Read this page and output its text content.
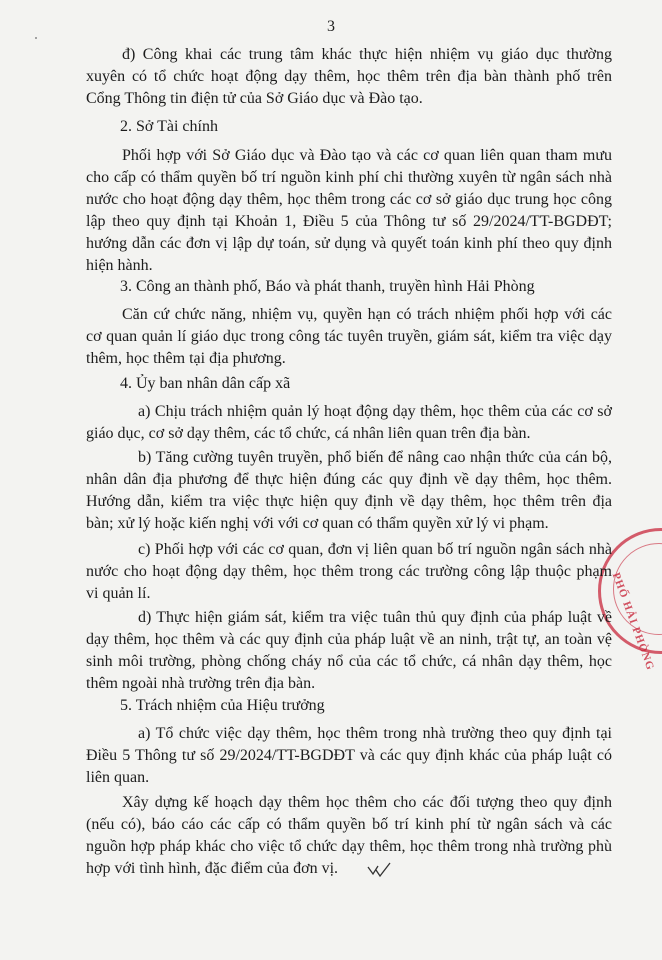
3
PHỐ HẢI PHÒNG
đ) Công khai các trung tâm khác thực hiện nhiệm vụ giáo dục thường
xuyên có tổ chức hoạt động dạy thêm, học thêm trên địa bàn thành phố trên
Cổng Thông tin điện tử của Sở Giáo dục và Đào tạo.
2. Sở Tài chính
Phối hợp với Sở Giáo dục và Đào tạo và các cơ quan liên quan tham mưu
cho cấp có thẩm quyền bố trí nguồn kinh phí chi thường xuyên từ ngân sách nhà
nước cho hoạt động dạy thêm, học thêm trong các cơ sở giáo dục trung học công
lập theo quy định tại Khoản 1, Điều 5 của Thông tư số 29/2024/TT-BGDĐT;
hướng dẫn các đơn vị lập dự toán, sử dụng và quyết toán kinh phí theo quy định
hiện hành.
3. Công an thành phố, Báo và phát thanh, truyền hình Hải Phòng
Căn cứ chức năng, nhiệm vụ, quyền hạn có trách nhiệm phối hợp với các
cơ quan quản lí giáo dục trong công tác tuyên truyền, giám sát, kiểm tra việc dạy
thêm, học thêm tại địa phương.
4. Ủy ban nhân dân cấp xã
a) Chịu trách nhiệm quản lý hoạt động dạy thêm, học thêm của các cơ sở
giáo dục, cơ sở dạy thêm, các tổ chức, cá nhân liên quan trên địa bàn.
b) Tăng cường tuyên truyền, phổ biến để nâng cao nhận thức của cán bộ,
nhân dân địa phương để thực hiện đúng các quy định về dạy thêm, học thêm.
Hướng dẫn, kiểm tra việc thực hiện quy định về dạy thêm, học thêm trên địa
bàn; xử lý hoặc kiến nghị với với cơ quan có thẩm quyền xử lý vi phạm.
c) Phối hợp với các cơ quan, đơn vị liên quan bố trí nguồn ngân sách nhà
nước cho hoạt động dạy thêm, học thêm trong các trường công lập thuộc phạm
vi quản lí.
d) Thực hiện giám sát, kiểm tra việc tuân thủ quy định của pháp luật về
dạy thêm, học thêm và các quy định của pháp luật về an ninh, trật tự, an toàn vệ
sinh môi trường, phòng chống cháy nổ của các tổ chức, cá nhân dạy thêm, học
thêm ngoài nhà trường trên địa bàn.
5. Trách nhiệm của Hiệu trưởng
a) Tổ chức việc dạy thêm, học thêm trong nhà trường theo quy định tại
Điều 5 Thông tư số 29/2024/TT-BGDĐT và các quy định khác của pháp luật có
liên quan.
Xây dựng kế hoạch dạy thêm học thêm cho các đối tượng theo quy định
(nếu có), báo cáo các cấp có thẩm quyền bố trí kinh phí từ ngân sách và các
nguồn hợp pháp khác cho việc tổ chức dạy thêm, học thêm trong nhà trường phù
hợp với tình hình, đặc điểm của đơn vị.
